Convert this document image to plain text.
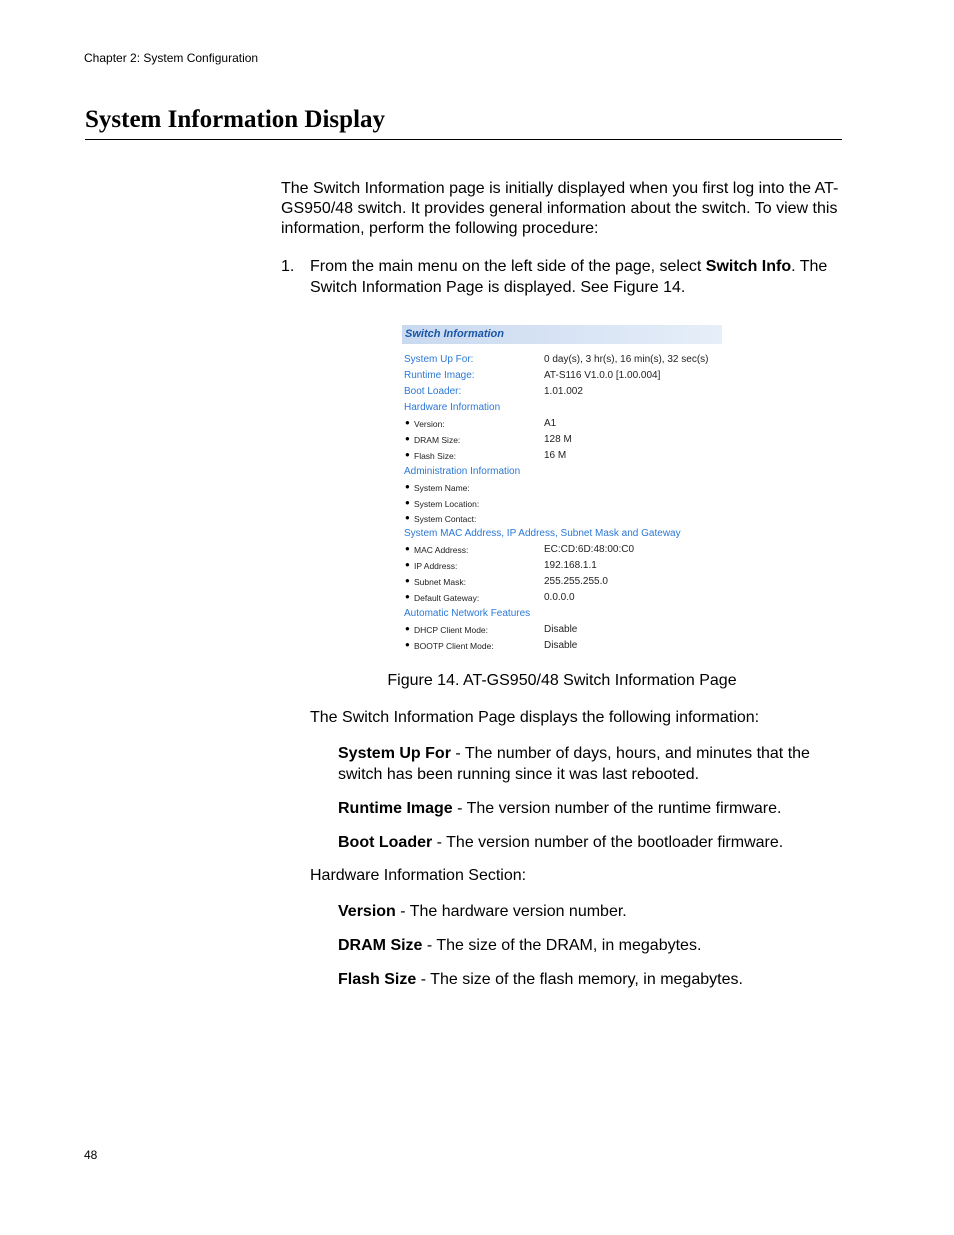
Chapter 2: System Configuration
System Information Display

The Switch Information page is initially displayed when you first log into the AT-GS950/48 switch. It provides general information about the switch. To view this information, perform the following procedure:

1. From the main menu on the left side of the page, select Switch Info. The Switch Information Page is displayed. See Figure 14.

Switch Information
System Up For:	0 day(s), 3 hr(s), 16 min(s), 32 sec(s)
Runtime Image:	AT-S116 V1.0.0 [1.00.004]
Boot Loader:	1.01.002
Hardware Information
● Version:	A1
● DRAM Size:	128 M
● Flash Size:	16 M
Administration Information
● System Name:
● System Location:
● System Contact:
System MAC Address, IP Address, Subnet Mask and Gateway
● MAC Address:	EC:CD:6D:48:00:C0
● IP Address:	192.168.1.1
● Subnet Mask:	255.255.255.0
● Default Gateway:	0.0.0.0
Automatic Network Features
● DHCP Client Mode:	Disable
● BOOTP Client Mode:	Disable
Figure 14. AT-GS950/48 Switch Information Page
The Switch Information Page displays the following information:

System Up For - The number of days, hours, and minutes that the switch has been running since it was last rebooted.

Runtime Image - The version number of the runtime firmware.

Boot Loader - The version number of the bootloader firmware.

Hardware Information Section:

Version - The hardware version number.

DRAM Size - The size of the DRAM, in megabytes.

Flash Size - The size of the flash memory, in megabytes.

48
